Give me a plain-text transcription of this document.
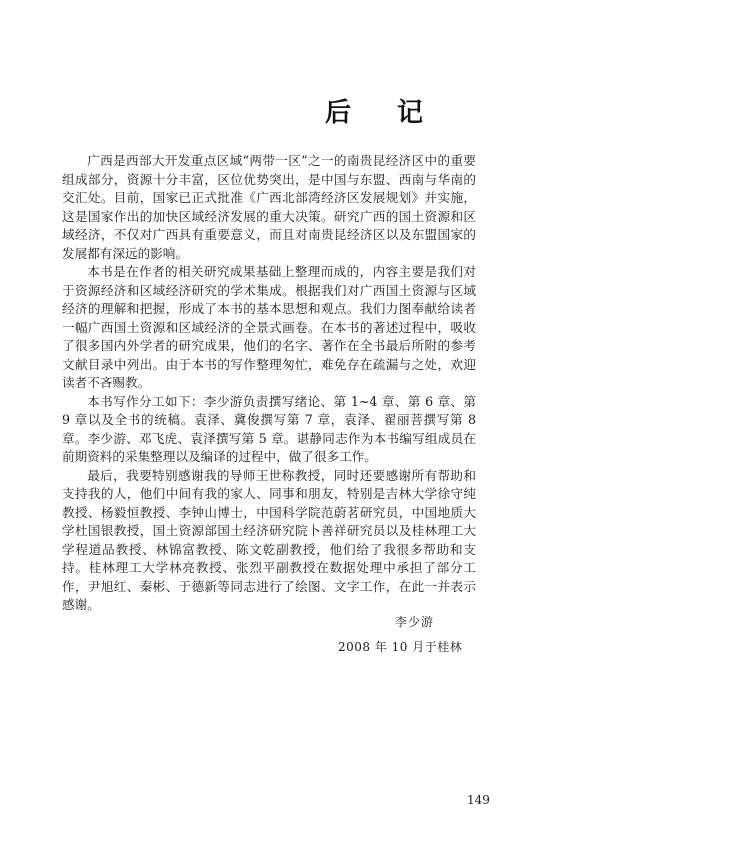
后 记

广西是西部大开发重点区域“两带一区”之一的南贵昆经济区中的重要组成部分，资源十分丰富，区位优势突出，是中国与东盟、西南与华南的交汇处。目前，国家已正式批准《广西北部湾经济区发展规划》并实施，这是国家作出的加快区域经济发展的重大决策。研究广西的国土资源和区域经济，不仅对广西具有重要意义，而且对南贵昆经济区以及东盟国家的发展都有深远的影响。

本书是在作者的相关研究成果基础上整理而成的，内容主要是我们对于资源经济和区域经济研究的学术集成。根据我们对广西国土资源与区域经济的理解和把握，形成了本书的基本思想和观点。我们力图奉献给读者一幅广西国土资源和区域经济的全景式画卷。在本书的著述过程中，吸收了很多国内外学者的研究成果，他们的名字、著作在全书最后所附的参考文献目录中列出。由于本书的写作整理匆忙，难免存在疏漏与之处，欢迎读者不吝赐教。

本书写作分工如下：李少游负责撰写绪论、第 1~4 章、第 6 章、第 9 章以及全书的统稿。袁泽、冀俊撰写第 7 章，袁泽、翟丽菩撰写第 8 章。李少游、邓飞虎、袁泽撰写第 5 章。谌静同志作为本书编写组成员在前期资料的采集整理以及编译的过程中，做了很多工作。

最后，我要特别感谢我的导师王世称教授，同时还要感谢所有帮助和支持我的人，他们中间有我的家人、同事和朋友，特别是吉林大学徐守纯教授、杨毅恒教授、李钟山博士，中国科学院范蔚茗研究员，中国地质大学杜国银教授，国土资源部国土经济研究院卜善祥研究员以及桂林理工大学程道品教授、林锦富教授、陈文乾副教授，他们给了我很多帮助和支持。桂林理工大学林亮教授、张烈平副教授在数据处理中承担了部分工作，尹旭红、秦彬、于德新等同志进行了绘图、文字工作，在此一并表示感谢。

李少游
2008 年 10 月于桂林
149
